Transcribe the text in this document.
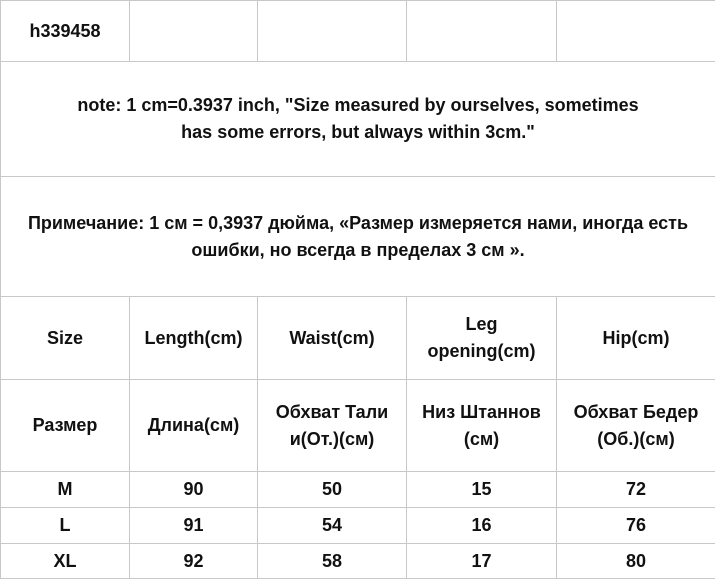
h339458				
note: 1 cm=0.3937 inch, "Size measured by ourselves, sometimes has some errors, but always within 3cm."				
Примечание: 1 см = 0,3937 дюйма, «Размер измеряется нами, иногда есть ошибки, но всегда в пределах 3 см ».				
Size	Length(cm)	Waist(cm)	Leg opening(cm)	Hip(cm)
Размер	Длина(см)	Обхват Тали и(От.)(см)	Низ Штаннов (см)	Обхват Бедер (Об.)(см)
M	90	50	15	72
L	91	54	16	76
XL	92	58	17	80
